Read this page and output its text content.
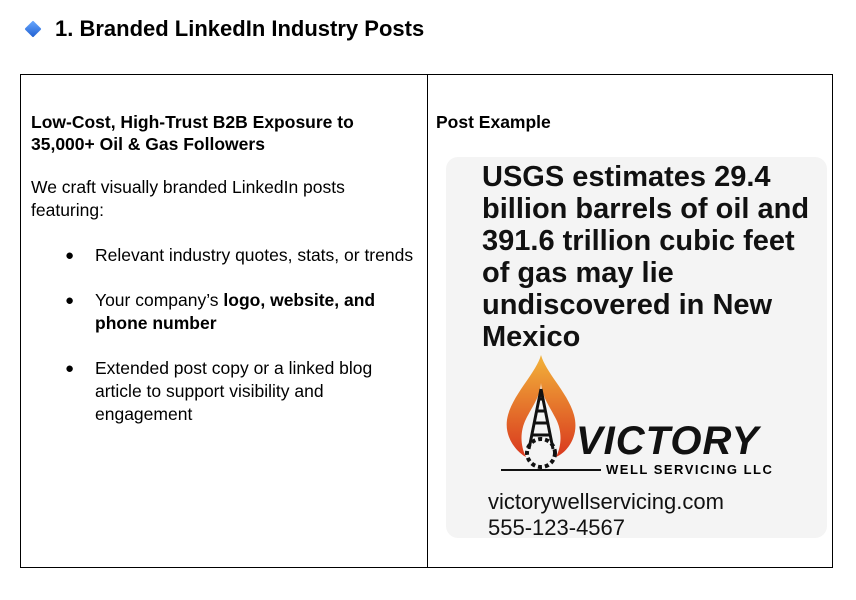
1. Branded LinkedIn Industry Posts

Low-Cost, High-Trust B2B Exposure to 35,000+ Oil & Gas Followers

We craft visually branded LinkedIn posts featuring:

● Relevant industry quotes, stats, or trends
● Your company’s logo, website, and phone number
● Extended post copy or a linked blog article to support visibility and engagement

Post Example

USGS estimates 29.4 billion barrels of oil and 391.6 trillion cubic feet of gas may lie undiscovered in New Mexico
VICTORY
WELL SERVICING LLC
victorywellservicing.com
555-123-4567
